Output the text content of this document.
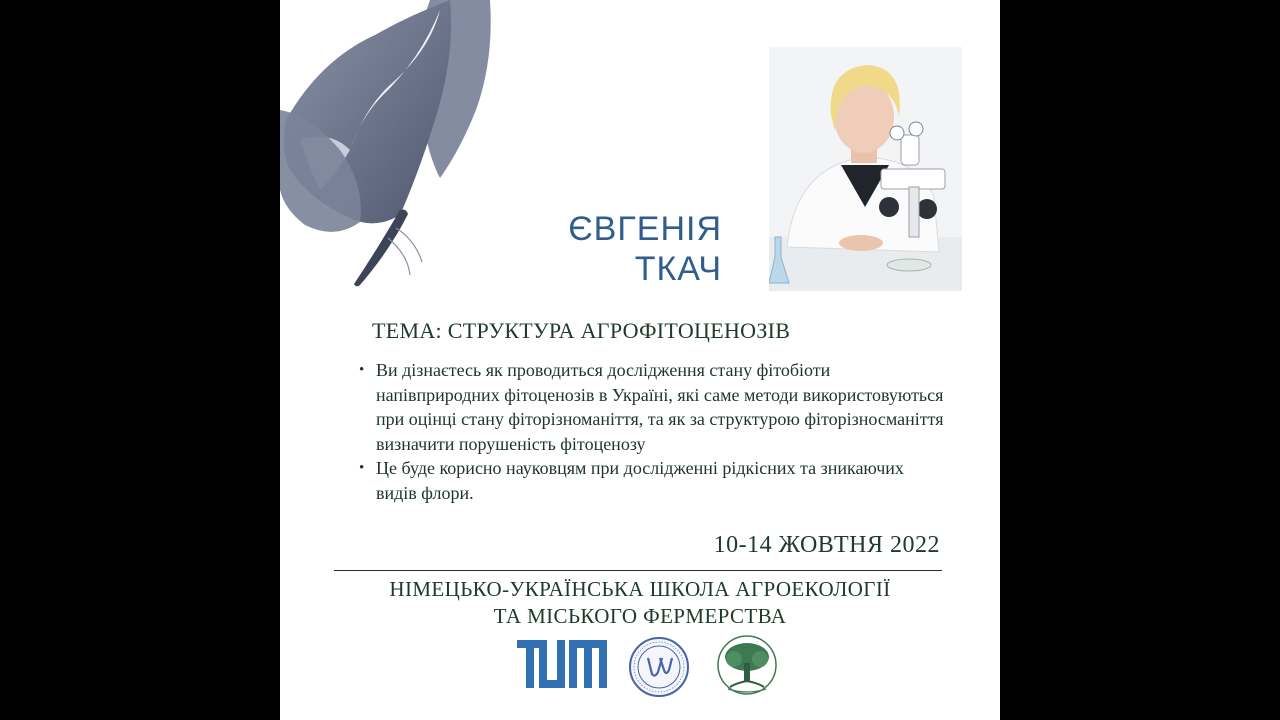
ЄВГЕНІЯ
ТКАЧ
ТЕМА: СТРУКТУРА АГРОФІТОЦЕНОЗІВ
• Ви дізнаєтесь як проводиться дослідження стану фітобіоти напівприродних фітоценозів в Україні, які саме методи використовуються при оцінці стану фіторізноманіття, та як за структурою фіторізносманіття визначити порушеність фітоценозу
• Це буде корисно науковцям при дослідженні рідкісних та зникаючих видів флори.
10-14 ЖОВТНЯ 2022
НІМЕЦЬКО-УКРАЇНСЬКА ШКОЛА АГРОЕКОЛОГІЇ
ТА МІСЬКОГО ФЕРМЕРСТВА
